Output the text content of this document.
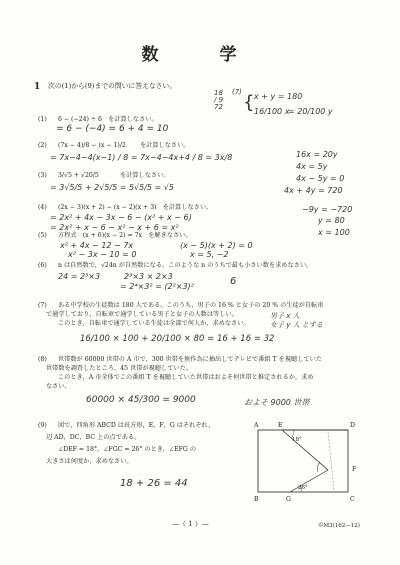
数　学
1 次の(1)から(9)までの問いに答えなさい。
(1) 6 − (−24) ÷ 6　を計算しなさい。
= 6 − (−4) = 6 + 4 = 10
(2) (7x − 4)/8 − (x − 1)/2 を計算しなさい。
= 7x−4−4(x−1) / 8 = 7x−4−4x+4 / 8 = 3x/8
(3) 3/√5 + √20/5	を計算しなさい。
= 3√5/5 + 2√5/5 = 5√5/5 = √5
(4) (2x − 3)(x + 2) − (x − 2)(x + 3)　を計算しなさい。
= 2x² + 4x − 3x − 6 − (x² + x − 6)
= 2x² + x − 6 − x² − x + 6 = x²
(5) 方程式　(x + 6)(x − 2) = 7x　を解きなさい。
x² + 4x − 12 − 7x
x² − 3x − 10 = 0
(x − 5)(x + 2) = 0
x = 5, −2
(6) n は自然数で，√24n が自然数になる。このような n のうちで最も小さい数を求めなさい。
24 = 2³×3	2³×3 × 2×3
= 2⁴×3² = (2²×3)²	6
(7) ある中学校の生徒数は 180 人である。このうち，男子の 16 % と女子の 20 % の生徒が自転車
で通学しており，自転車で通学している男子と女子の人数は等しい。
このとき，自転車で通学している生徒は全部で何人か，求めなさい。
男子 x 人
女子 y 人 とする
16/100 × 100 + 20/100 × 80 = 16 + 16 = 32
(8) 世帯数が 60000 世帯の A 市で，300 世帯を無作為に抽出してテレビで番組 T を視聴していた
世帯数を調査したところ，45 世帯が視聴していた。
このとき，A 市全体でこの番組 T を視聴していた世帯はおよそ何世帯と推定されるか，求め
なさい。
60000 × 45/300 = 9000	およそ 9000 世帯
(9) 図で，四角形 ABCD は長方形，E，F，G はそれぞれ，
辺 AD，DC，BC 上の点である。
∠DEF = 18°，∠FGC = 26° のとき，∠EFG の
大きさは何度か，求めなさい。
18 + 26 = 44
18
/ 9
72
(7) { x + y = 180
16/100 x
= 20/100 y
16x = 20y
4x = 5y
4x − 5y = 0
4x + 4y = 720
−9y = −720
y = 80
x = 100
A	E	D
F
B	G	C
18°
26°
—（ 1 ）—	©M3(162—12)
